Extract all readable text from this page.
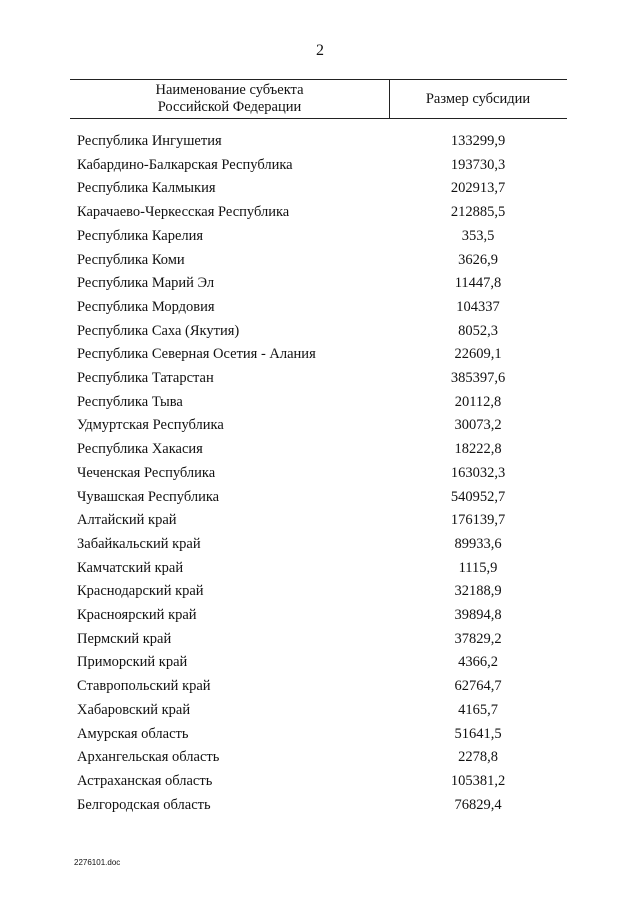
2
Наименование субъекта
Российской Федерации	Размер субсидии
Республика Ингушетия	133299,9
Кабардино-Балкарская Республика	193730,3
Республика Калмыкия	202913,7
Карачаево-Черкесская Республика	212885,5
Республика Карелия	353,5
Республика Коми	3626,9
Республика Марий Эл	11447,8
Республика Мордовия	104337
Республика Саха (Якутия)	8052,3
Республика Северная Осетия - Алания	22609,1
Республика Татарстан	385397,6
Республика Тыва	20112,8
Удмуртская Республика	30073,2
Республика Хакасия	18222,8
Чеченская Республика	163032,3
Чувашская Республика	540952,7
Алтайский край	176139,7
Забайкальский край	89933,6
Камчатский край	1115,9
Краснодарский край	32188,9
Красноярский край	39894,8
Пермский край	37829,2
Приморский край	4366,2
Ставропольский край	62764,7
Хабаровский край	4165,7
Амурская область	51641,5
Архангельская область	2278,8
Астраханская область	105381,2
Белгородская область	76829,4
2276101.doc
